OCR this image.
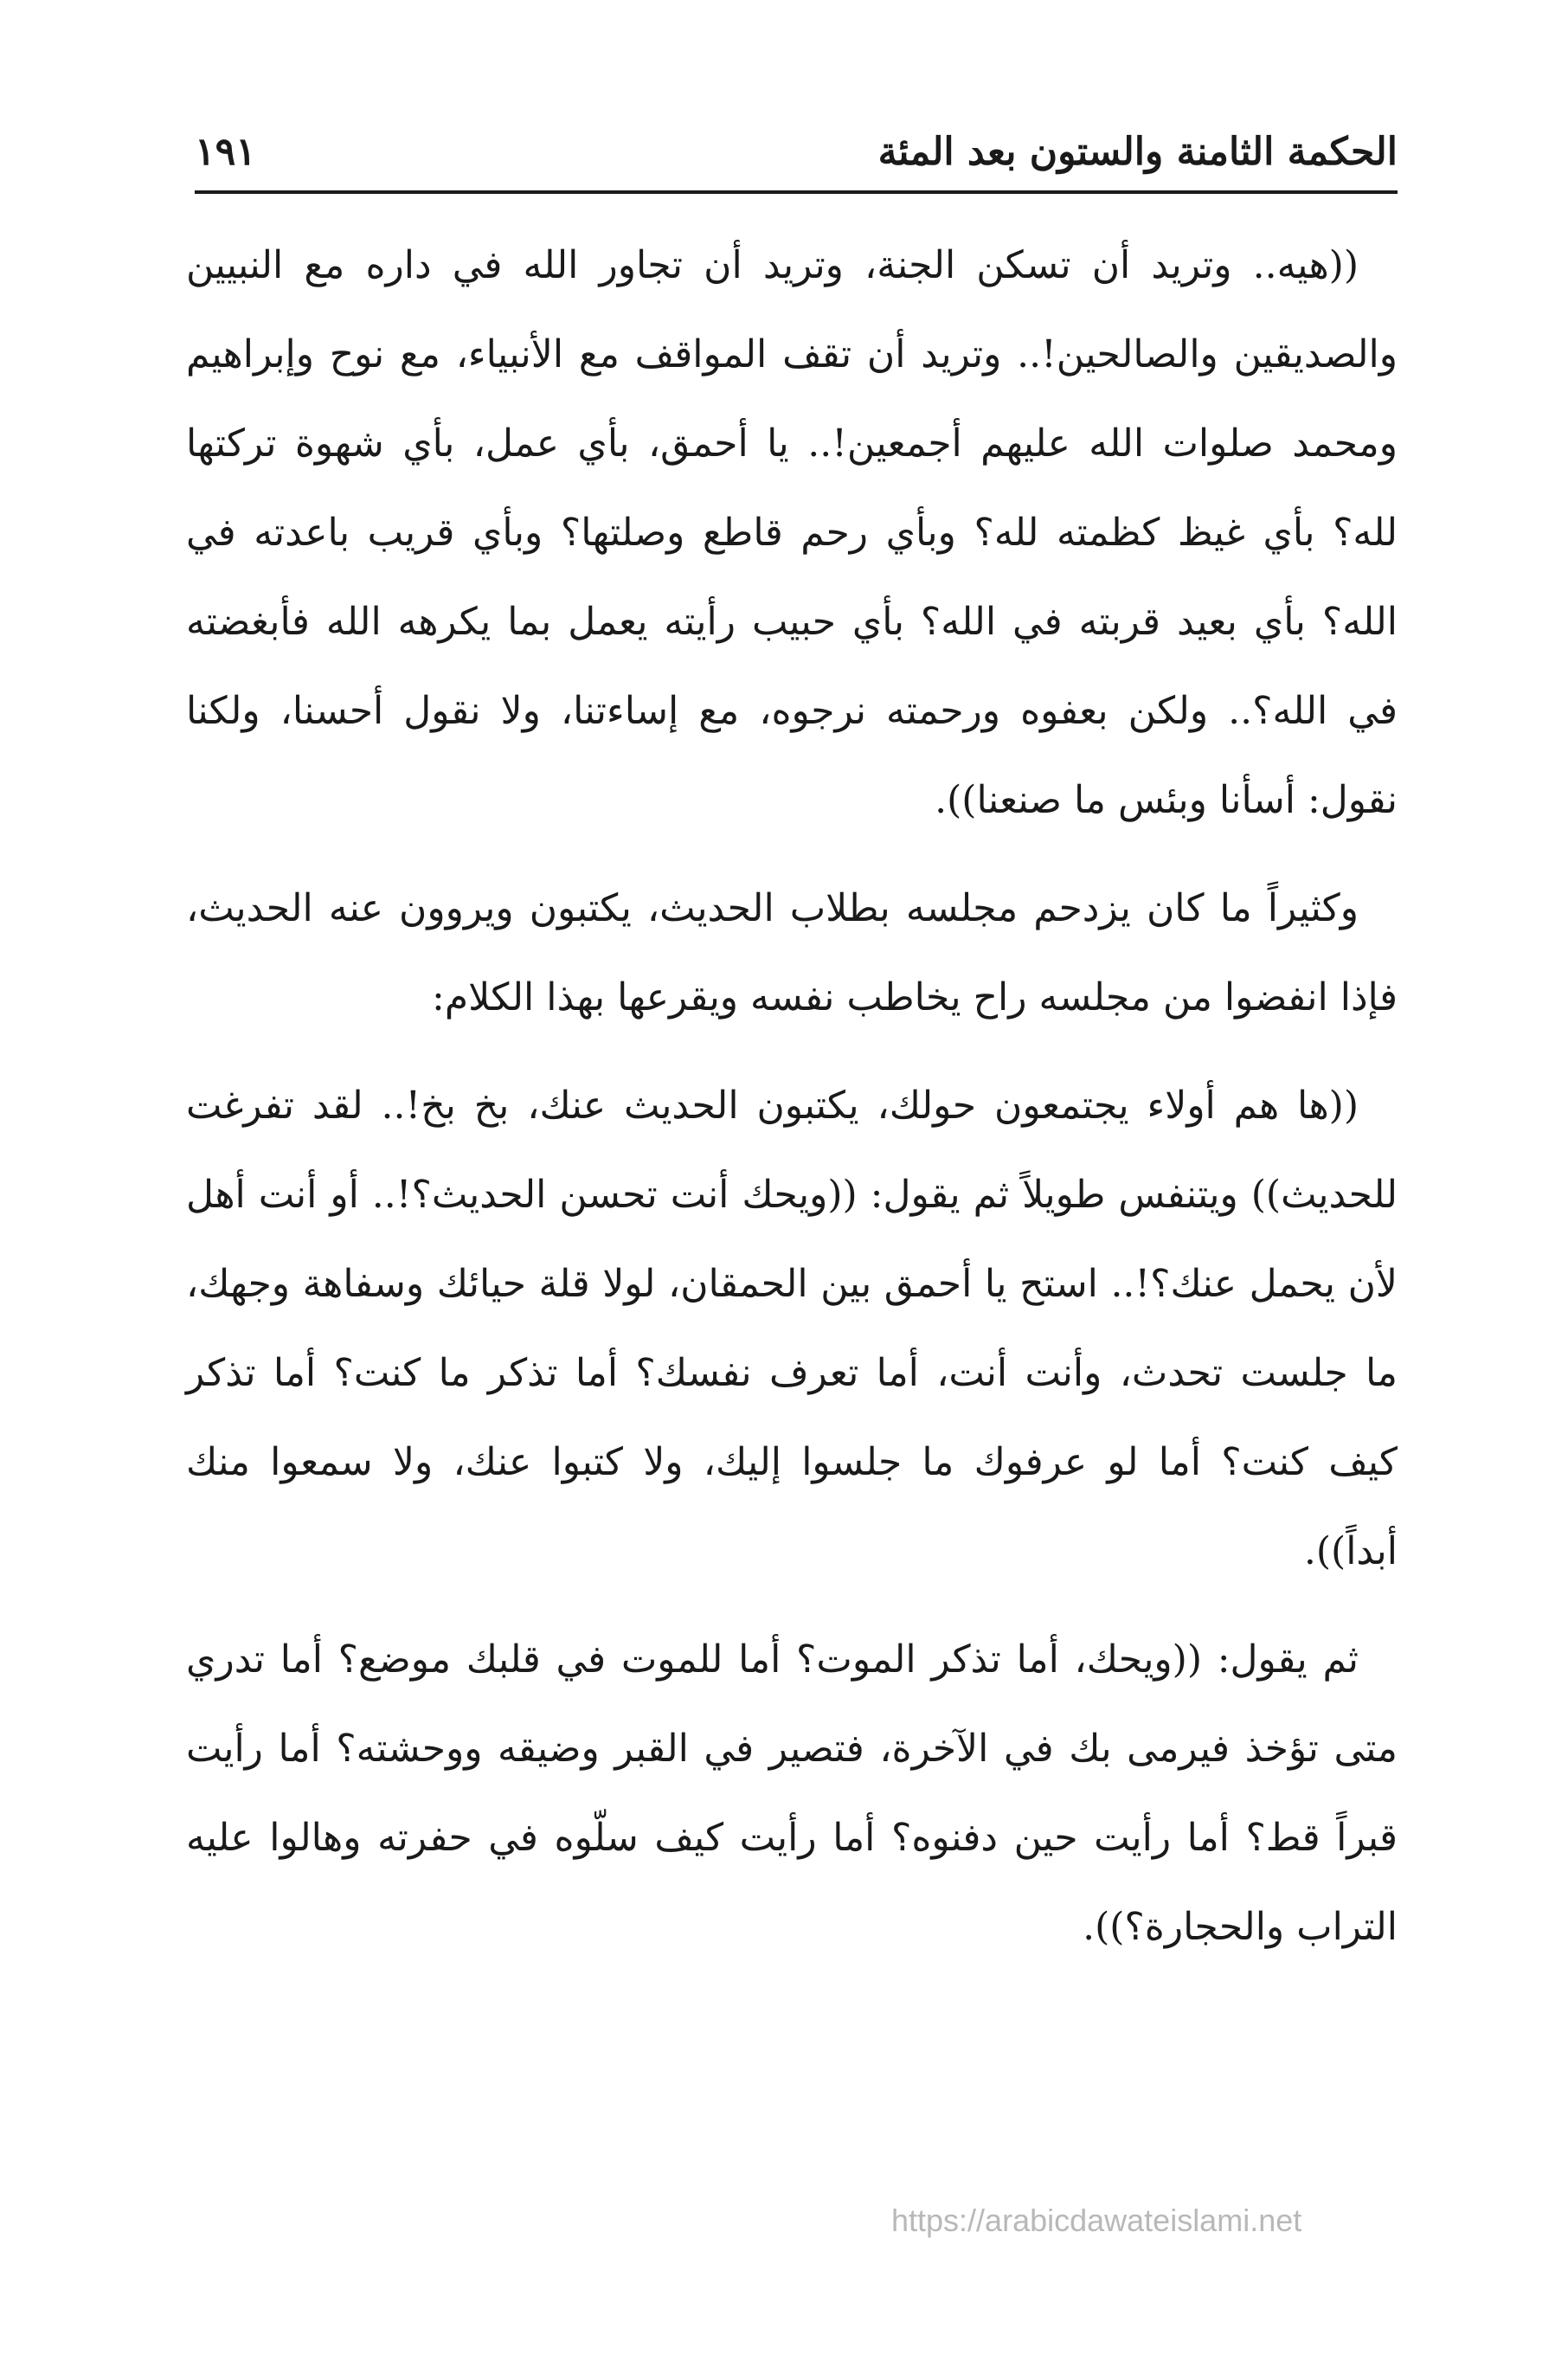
الحكمة الثامنة والستون بعد المئة
١٩١

((هيه.. وتريد أن تسكن الجنة، وتريد أن تجاور الله في داره مع النبيين والصديقين والصالحين!.. وتريد أن تقف المواقف مع الأنبياء، مع نوح وإبراهيم ومحمد صلوات الله عليهم أجمعين!.. يا أحمق، بأي عمل، بأي شهوة تركتها لله؟ بأي غيظ كظمته لله؟ وبأي رحم قاطع وصلتها؟ وبأي قريب باعدته في الله؟ بأي بعيد قربته في الله؟ بأي حبيب رأيته يعمل بما يكرهه الله فأبغضته في الله؟.. ولكن بعفوه ورحمته نرجوه، مع إساءتنا، ولا نقول أحسنا، ولكنا نقول: أسأنا وبئس ما صنعنا)).

وكثيراً ما كان يزدحم مجلسه بطلاب الحديث، يكتبون ويروون عنه الحديث، فإذا انفضوا من مجلسه راح يخاطب نفسه ويقرعها بهذا الكلام:

((ها هم أولاء يجتمعون حولك، يكتبون الحديث عنك، بخ بخ!.. لقد تفرغت للحديث)) ويتنفس طويلاً ثم يقول: ((ويحك أنت تحسن الحديث؟!.. أو أنت أهل لأن يحمل عنك؟!.. استح يا أحمق بين الحمقان، لولا قلة حيائك وسفاهة وجهك، ما جلست تحدث، وأنت أنت، أما تعرف نفسك؟ أما تذكر ما كنت؟ أما تذكر كيف كنت؟ أما لو عرفوك ما جلسوا إليك، ولا كتبوا عنك، ولا سمعوا منك أبداً)).

ثم يقول: ((ويحك، أما تذكر الموت؟ أما للموت في قلبك موضع؟ أما تدري متى تؤخذ فيرمى بك في الآخرة، فتصير في القبر وضيقه ووحشته؟ أما رأيت قبراً قط؟ أما رأيت حين دفنوه؟ أما رأيت كيف سلّوه في حفرته وهالوا عليه التراب والحجارة؟)).

https://arabicdawateislami.net
